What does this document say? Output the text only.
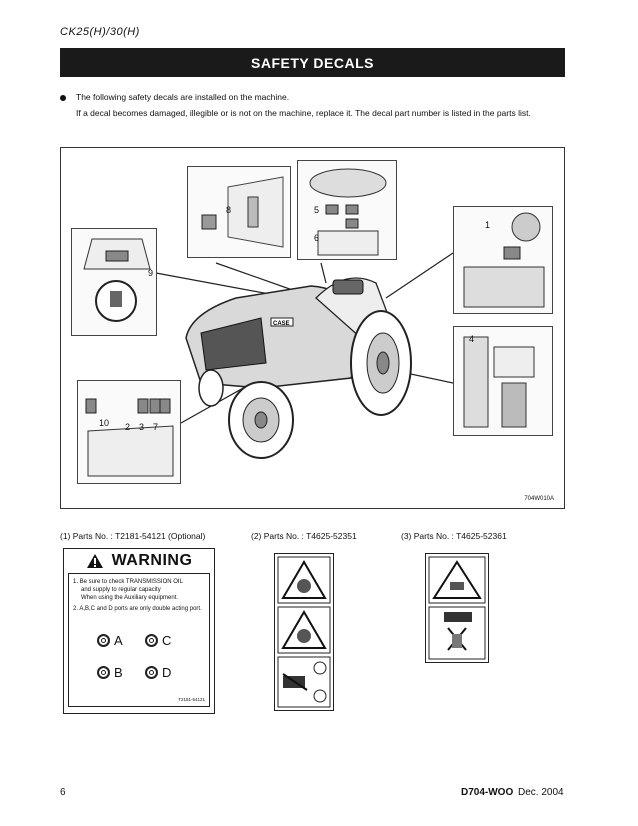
CK25(H)/30(H)
SAFETY DECALS

The following safety decals are installed on the machine.

If a decal becomes damaged, illegible or is not on the machine, replace it. The decal part number is listed in the parts list.

CASE
8	5
6
1
9
4
10 2 3 7
704W010A
(1) Parts No. : T2181-54121 (Optional)	(2) Parts No. : T4625-52351	(3) Parts No. : T4625-52361
WARNING
1. Be sure to check TRANSMISSION OIL
and supply to regular capacity
When using the Auxiliary equipment.
2. A,B,C and D ports are only double acting port.
A	C
B	D
T2181-54121
6	D704-WOO Dec. 2004
